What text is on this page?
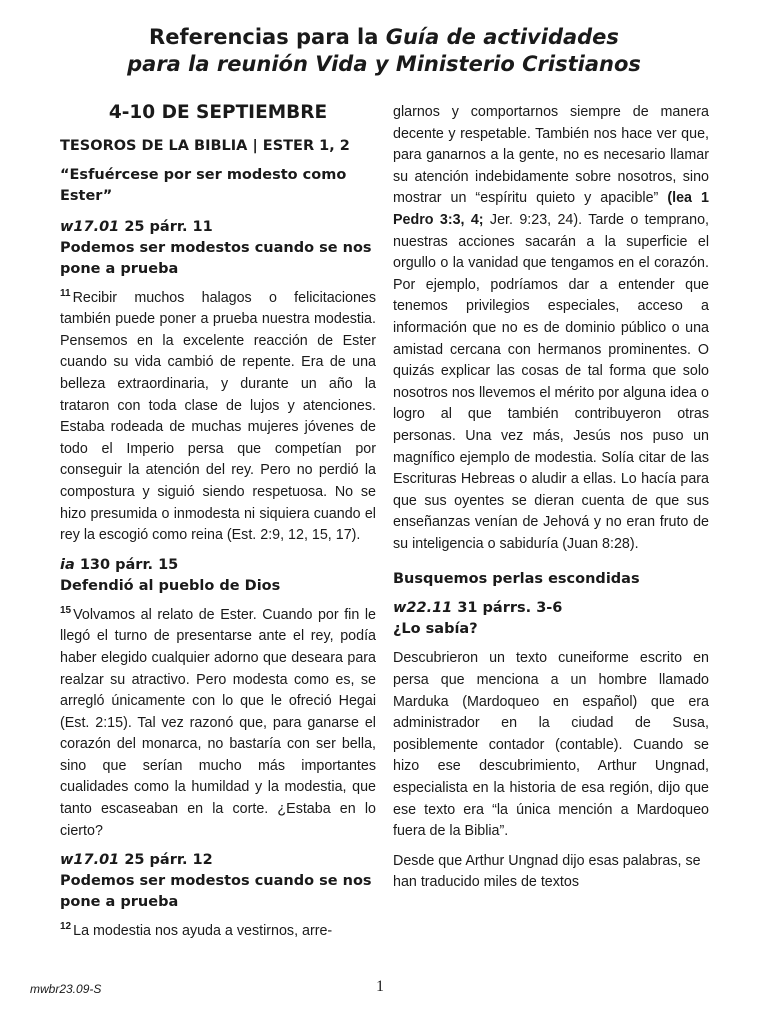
Referencias para la Guía de actividades
para la reunión Vida y Ministerio Cristianos
4-10 DE SEPTIEMBRE
TESOROS DE LA BIBLIA | ESTER 1, 2
“Esfuércese por ser modesto como Ester”
w17.01 25 párr. 11
Podemos ser modestos cuando se nos pone a prueba

$^{11}$ Recibir muchos halagos o felicitaciones también puede poner a prueba nuestra modestia. Pensemos en la excelente reacción de Ester cuando su vida cambió de repente. Era de una belleza extraordinaria, y durante un año la trataron con toda clase de lujos y atenciones. Estaba rodeada de muchas mujeres jóvenes de todo el Imperio persa que competían por conseguir la atención del rey. Pero no perdió la compostura y siguió siendo respetuosa. No se hizo presumida o inmodesta ni siquiera cuando el rey la escogió como reina (Est. 2:9, 12, 15, 17).

ia 130 párr. 15
Defendió al pueblo de Dios

$^{15}$ Volvamos al relato de Ester. Cuando por fin le llegó el turno de presentarse ante el rey, podía haber elegido cualquier adorno que deseara para realzar su atractivo. Pero modesta como es, se arregló únicamente con lo que le ofreció Hegai (Est. 2:15). Tal vez razonó que, para ganarse el corazón del monarca, no bastaría con ser bella, sino que serían mucho más importantes cualidades como la humildad y la modestia, que tanto escaseaban en la corte. ¿Estaba en lo cierto?

w17.01 25 párr. 12
Podemos ser modestos cuando se nos pone a prueba

$^{12}$ La modestia nos ayuda a vestirnos, arre-

glarnos y comportarnos siempre de manera decente y respetable. También nos hace ver que, para ganarnos a la gente, no es necesario llamar su atención indebidamente sobre nosotros, sino mostrar un “espíritu quieto y apacible” (lea 1 Pedro 3:3, 4; Jer. 9:23, 24). Tarde o temprano, nuestras acciones sacarán a la superficie el orgullo o la vanidad que tengamos en el corazón. Por ejemplo, podríamos dar a entender que tenemos privilegios especiales, acceso a información que no es de dominio público o una amistad cercana con hermanos prominentes. O quizás explicar las cosas de tal forma que solo nosotros nos llevemos el mérito por alguna idea o logro al que también contribuyeron otras personas. Una vez más, Jesús nos puso un magnífico ejemplo de modestia. Solía citar de las Escrituras Hebreas o aludir a ellas. Lo hacía para que sus oyentes se dieran cuenta de que sus enseñanzas venían de Jehová y no eran fruto de su inteligencia o sabiduría (Juan 8:28).

Busquemos perlas escondidas
w22.11 31 párrs. 3-6
¿Lo sabía?

Descubrieron un texto cuneiforme escrito en persa que menciona a un hombre llamado Marduka (Mardoqueo en español) que era administrador en la ciudad de Susa, posiblemente contador (contable). Cuando se hizo ese descubrimiento, Arthur Ungnad, especialista en la historia de esa región, dijo que ese texto era “la única mención a Mardoqueo fuera de la Biblia”.

Desde que Arthur Ungnad dijo esas palabras, se han traducido miles de textos

mwbr23.09-S	1
